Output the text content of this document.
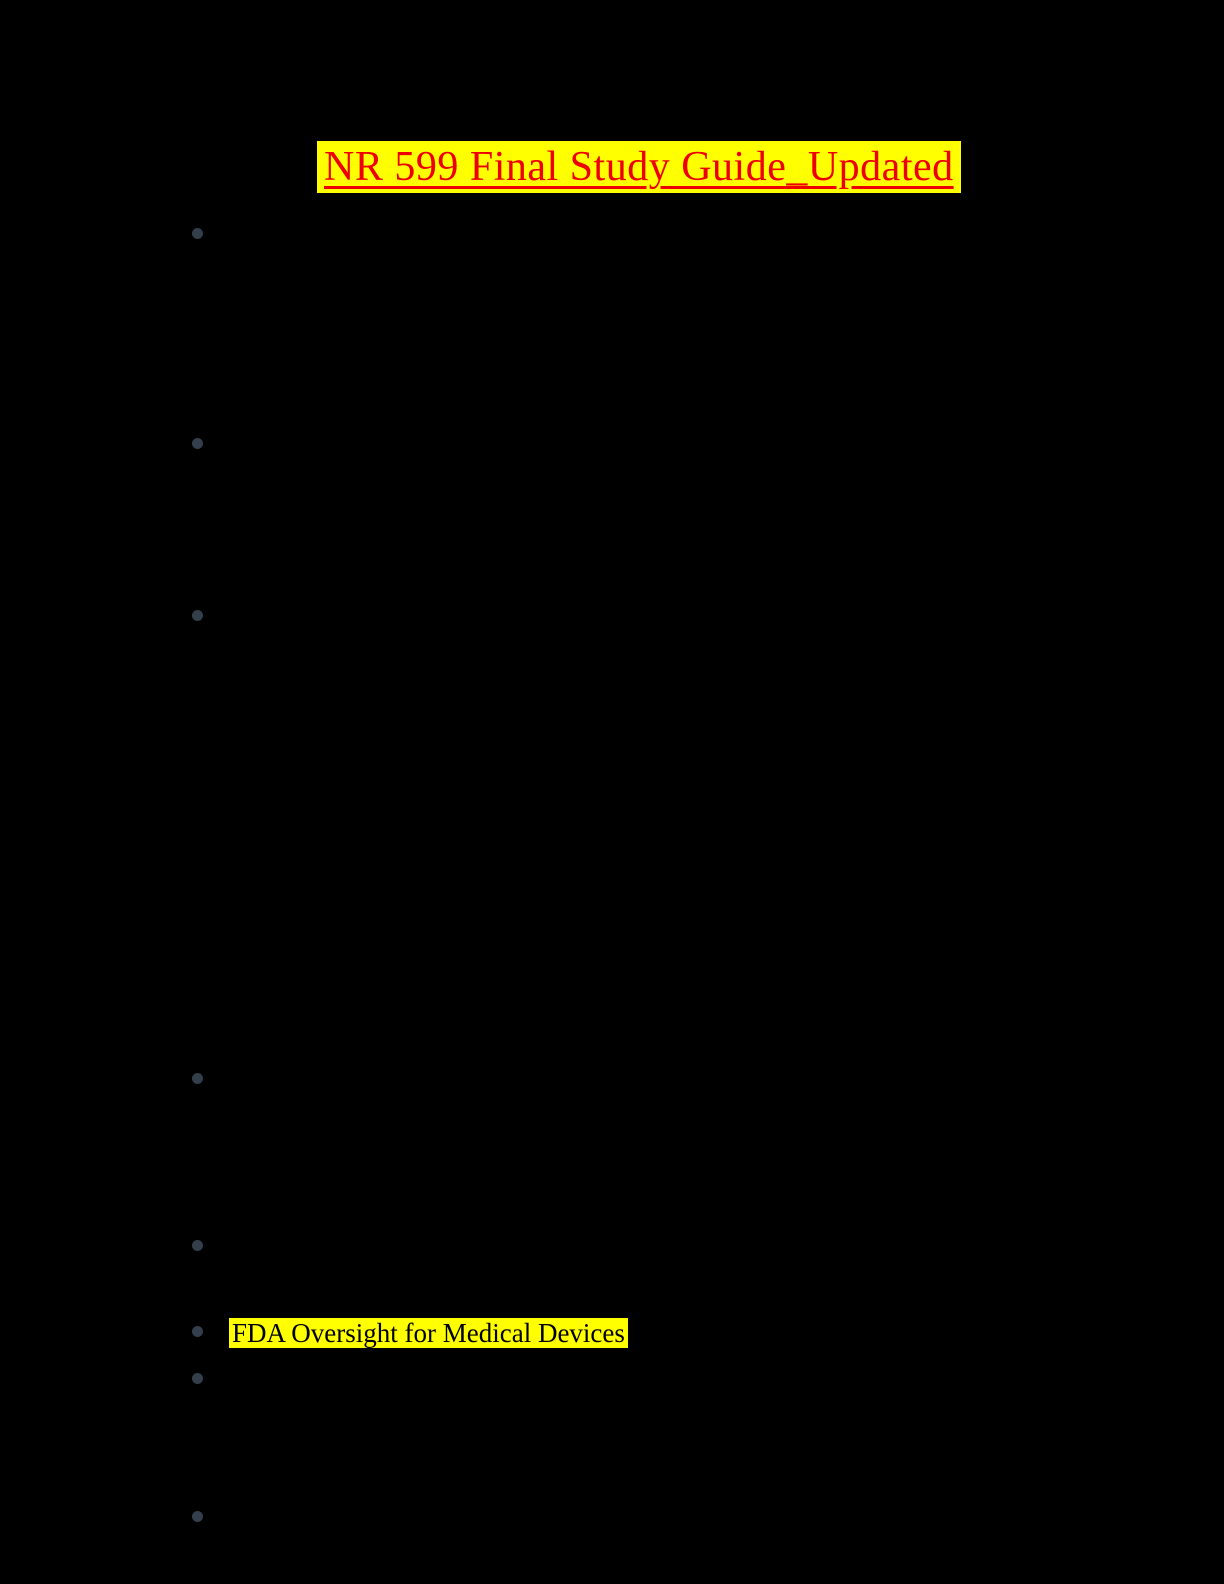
NR 599 Final Study Guide_Updated
FDA Oversight for Medical Devices
